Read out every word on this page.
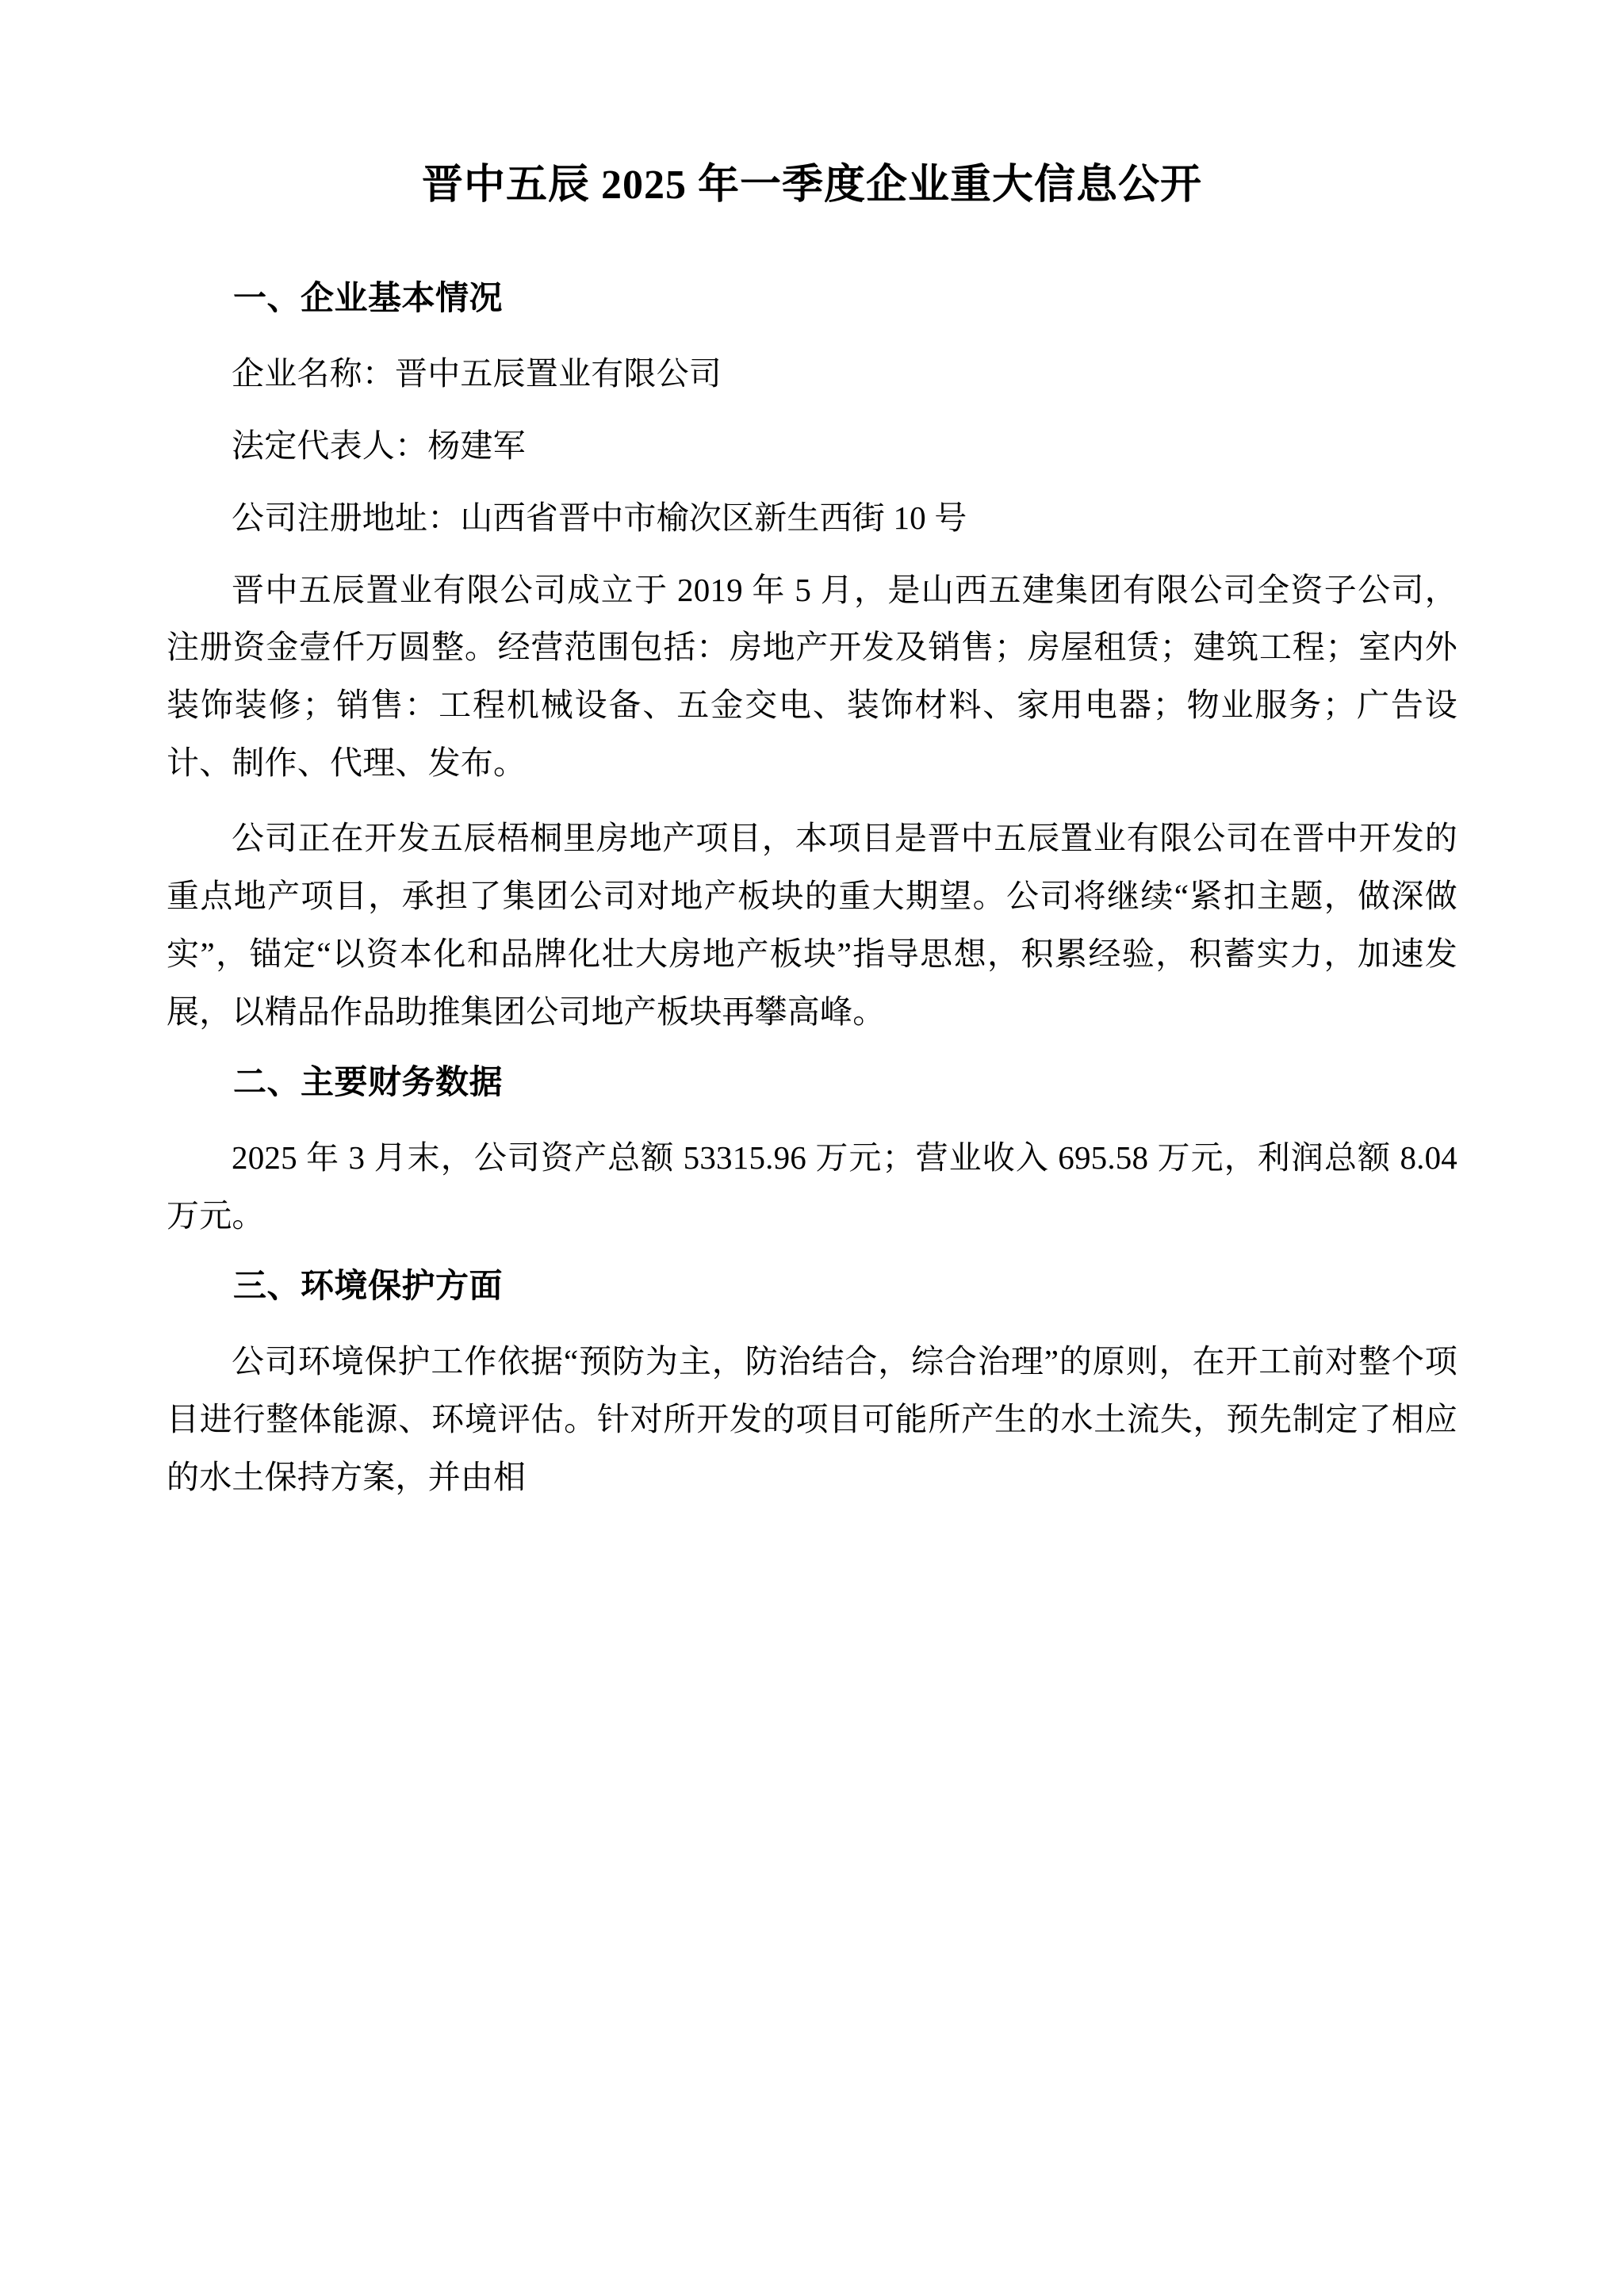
晋中五辰 2025 年一季度企业重大信息公开
一、企业基本情况

企业名称：晋中五辰置业有限公司

法定代表人：杨建军

公司注册地址：山西省晋中市榆次区新生西街 10 号

晋中五辰置业有限公司成立于 2019 年 5 月，是山西五建集团有限公司全资子公司，注册资金壹仟万圆整。经营范围包括：房地产开发及销售；房屋租赁；建筑工程；室内外装饰装修；销售：工程机械设备、五金交电、装饰材料、家用电器；物业服务；广告设计、制作、代理、发布。

公司正在开发五辰梧桐里房地产项目，本项目是晋中五辰置业有限公司在晋中开发的重点地产项目，承担了集团公司对地产板块的重大期望。公司将继续“紧扣主题，做深做实”，锚定“以资本化和品牌化壮大房地产板块”指导思想，积累经验，积蓄实力，加速发展，以精品作品助推集团公司地产板块再攀高峰。

二、主要财务数据

2025 年 3 月末，公司资产总额 53315.96 万元；营业收入 695.58 万元，利润总额 8.04 万元。

三、环境保护方面

公司环境保护工作依据“预防为主，防治结合，综合治理”的原则，在开工前对整个项目进行整体能源、环境评估。针对所开发的项目可能所产生的水土流失，预先制定了相应的水土保持方案，并由相
